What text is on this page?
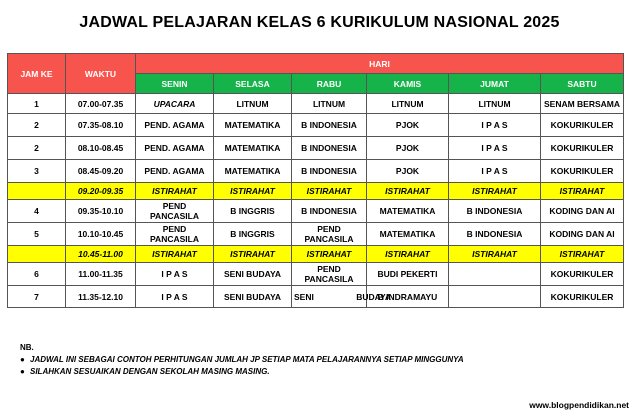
JADWAL PELAJARAN KELAS 6 KURIKULUM NASIONAL 2025
JAM KE	WAKTU	HARI					
		SENIN	SELASA	RABU	KAMIS	JUMAT	SABTU
1	07.00-07.35	UPACARA	LITNUM	LITNUM	LITNUM	LITNUM	SENAM BERSAMA
2	07.35-08.10	PEND. AGAMA	MATEMATIKA	B INDONESIA	PJOK	I P A S	KOKURIKULER
2	08.10-08.45	PEND. AGAMA	MATEMATIKA	B INDONESIA	PJOK	I P A S	KOKURIKULER
3	08.45-09.20	PEND. AGAMA	MATEMATIKA	B INDONESIA	PJOK	I P A S	KOKURIKULER
	09.20-09.35	ISTIRAHAT	ISTIRAHAT	ISTIRAHAT	ISTIRAHAT	ISTIRAHAT	ISTIRAHAT
4	09.35-10.10	PEND PANCASILA	B INGGRIS	B INDONESIA	MATEMATIKA	B INDONESIA	KODING DAN AI
5	10.10-10.45	PEND PANCASILA	B INGGRIS	PEND PANCASILA	MATEMATIKA	B INDONESIA	KODING DAN AI
	10.45-11.00	ISTIRAHAT	ISTIRAHAT	ISTIRAHAT	ISTIRAHAT	ISTIRAHAT	ISTIRAHAT
6	11.00-11.35	I P A S	SENI BUDAYA	PEND PANCASILA	BUDI PEKERTI		KOKURIKULER
7	11.35-12.10	I P A S	SENI BUDAYA	SENI BUDAYA	B INDRAMAYU		KOKURIKULER
NB.
● JADWAL INI SEBAGAI CONTOH PERHITUNGAN JUMLAH JP SETIAP MATA PELAJARANNYA SETIAP MINGGUNYA
● SILAHKAN SESUAIKAN DENGAN SEKOLAH MASING MASING.
www.blogpendidikan.net
